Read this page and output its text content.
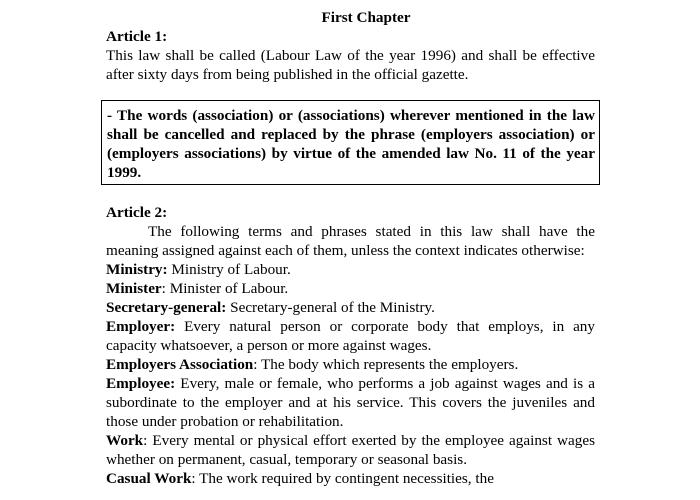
First Chapter
Article 1:

This law shall be called (Labour Law of the year 1996) and shall be effective after sixty days from being published in the official gazette.

- The words (association) or (associations) wherever mentioned in the law shall be cancelled and replaced by the phrase (employers association) or (employers associations) by virtue of the amended law No. 11 of the year 1999.
Article 2:

The following terms and phrases stated in this law shall have the meaning assigned against each of them, unless the context indicates otherwise:

Ministry: Ministry of Labour.

Minister: Minister of Labour.

Secretary-general: Secretary-general of the Ministry.

Employer: Every natural person or corporate body that employs, in any capacity whatsoever, a person or more against wages.

Employers Association: The body which represents the employers.

Employee: Every, male or female, who performs a job against wages and is a subordinate to the employer and at his service. This covers the juveniles and those under probation or rehabilitation.

Work: Every mental or physical effort exerted by the employee against wages whether on permanent, casual, temporary or seasonal basis.

Casual Work: The work required by contingent necessities, the
